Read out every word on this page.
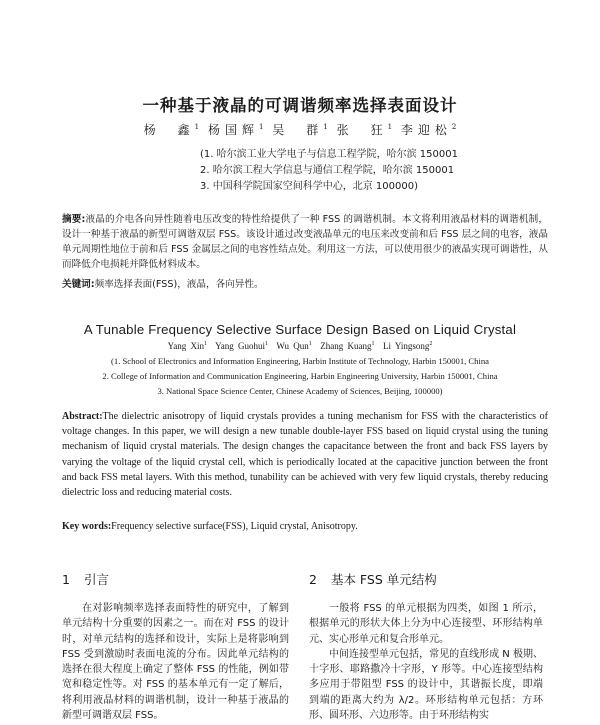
一种基于液晶的可调谐频率选择表面设计
杨　鑫$^1$ 杨国辉$^1$ 吴　群$^1$ 张　狂$^1$ 李迎松$^2$
(1. 哈尔滨工业大学电子与信息工程学院，哈尔滨 150001
2. 哈尔滨工程大学信息与通信工程学院，哈尔滨 150001
3. 中国科学院国家空间科学中心，北京 100000)
摘要:液晶的介电各向异性随着电压改变的特性给提供了一种 FSS 的调谐机制。本文将利用液晶材料的调谐机制，设计一种基于液晶的新型可调谐双层 FSS。该设计通过改变液晶单元的电压来改变前和后 FSS 层之间的电容，液晶单元周期性地位于前和后 FSS 金属层之间的电容性结点处。利用这一方法，可以使用很少的液晶实现可调谐性，从而降低介电损耗并降低材料成本。
关键词:频率选择表面(FSS)，液晶，各向异性。
A Tunable Frequency Selective Surface Design Based on Liquid Crystal
Yang Xin$^1$ Yang Guohui$^1$ Wu Qun$^1$ Zhang Kuang$^1$ Li Yingsong$^2$
(1. School of Electronics and Information Engineering, Harbin Institute of Technology, Harbin 150001, China
2. College of Information and Communication Engineering, Harbin Engineering University, Harbin 150001, China
3. National Space Science Center, Chinese Academy of Sciences, Beijing, 100000)
Abstract:The dielectric anisotropy of liquid crystals provides a tuning mechanism for FSS with the characteristics of voltage changes. In this paper, we will design a new tunable double-layer FSS based on liquid crystal using the tuning mechanism of liquid crystal materials. The design changes the capacitance between the front and back FSS layers by varying the voltage of the liquid crystal cell, which is periodically located at the capacitive junction between the front and back FSS metal layers. With this method, tunability can be achieved with very few liquid crystals, thereby reducing dielectric loss and reducing material costs.
Key words:Frequency selective surface(FSS), Liquid crystal, Anisotropy.
1 引言

在对影响频率选择表面特性的研究中，了解到单元结构十分重要的因素之一。而在对 FSS 的设计时，对单元结构的选择和设计，实际上是将影响到 FSS 受到激励时表面电流的分布。因此单元结构的选择在很大程度上确定了整体 FSS 的性能，例如带宽和稳定性等。对 FSS 的基本单元有一定了解后，将利用液晶材料的调谐机制，设计一种基于液晶的新型可调谐双层 FSS。

2 基本 FSS 单元结构

一般将 FSS 的单元根据为四类，如图 1 所示，根据单元的形状大体上分为中心连接型、环形结构单元、实心形单元和复合形单元。

中间连接型单元包括，常见的直线形成 N 极期、十字形、耶路撒冷十字形，Y 形等。中心连接型结构多应用于带阻型 FSS 的设计中，其谐振长度，即端到端的距离大约为 λ/2。环形结构单元包括：方环形、圆环形、六边形等。由于环形结构实
